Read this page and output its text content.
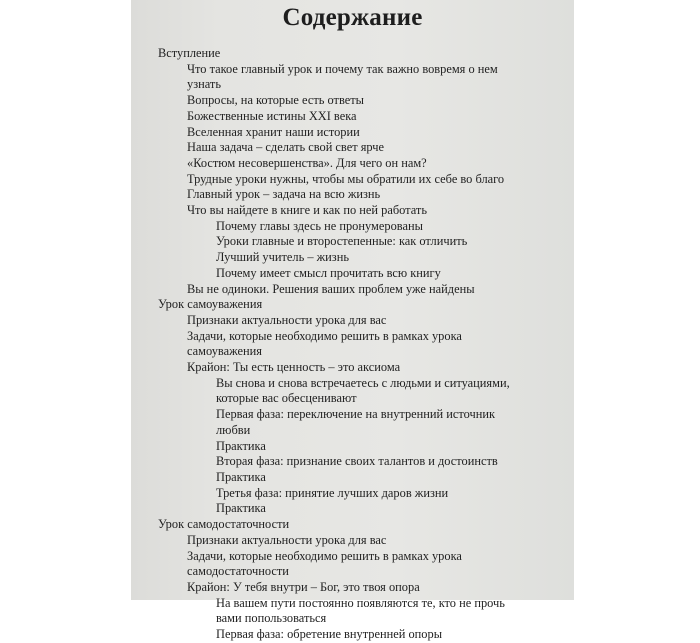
Содержание
Вступление
Что такое главный урок и почему так важно вовремя о нем
узнать
Вопросы, на которые есть ответы
Божественные истины XXI века
Вселенная хранит наши истории
Наша задача – сделать свой свет ярче
«Костюм несовершенства». Для чего он нам?
Трудные уроки нужны, чтобы мы обратили их себе во благо
Главный урок – задача на всю жизнь
Что вы найдете в книге и как по ней работать
Почему главы здесь не пронумерованы
Уроки главные и второстепенные: как отличить
Лучший учитель – жизнь
Почему имеет смысл прочитать всю книгу
Вы не одиноки. Решения ваших проблем уже найдены
Урок самоуважения
Признаки актуальности урока для вас
Задачи, которые необходимо решить в рамках урока
самоуважения
Крайон: Ты есть ценность – это аксиома
Вы снова и снова встречаетесь с людьми и ситуациями,
которые вас обесценивают
Первая фаза: переключение на внутренний источник
любви
Практика
Вторая фаза: признание своих талантов и достоинств
Практика
Третья фаза: принятие лучших даров жизни
Практика
Урок самодостаточности
Признаки актуальности урока для вас
Задачи, которые необходимо решить в рамках урока
самодостаточности
Крайон: У тебя внутри – Бог, это твоя опора
На вашем пути постоянно появляются те, кто не прочь
вами попользоваться
Первая фаза: обретение внутренней опоры
